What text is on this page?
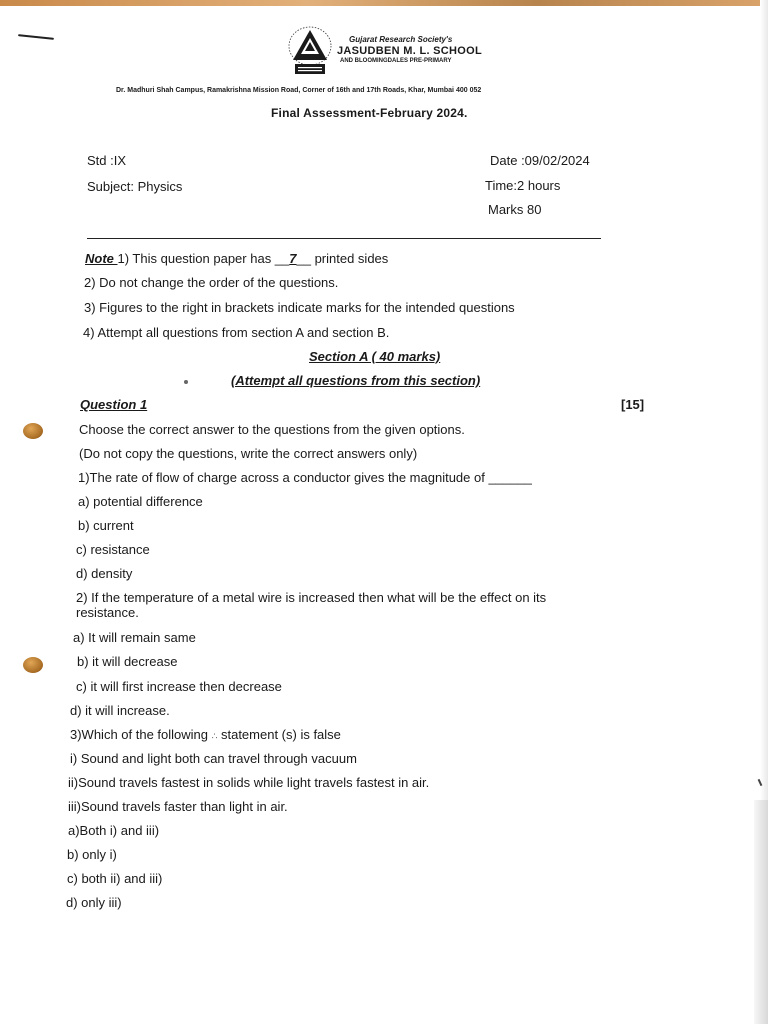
Gujarat Research Society's
JASUDBEN M. L. SCHOOL
AND BLOOMINGDALES PRE-PRIMARY
Dr. Madhuri Shah Campus, Ramakrishna Mission Road, Corner of 16th and 17th Roads, Khar, Mumbai 400 052
Final Assessment-February 2024.
Std :IX
Subject: Physics
Date :09/02/2024
Time:2 hours
Marks 80
Note 1) This question paper has __7__ printed sides
2) Do not change the order of the questions.
3) Figures to the right in brackets indicate marks for the intended questions
4) Attempt all questions from section A and section B.
Section A ( 40 marks)
(Attempt all questions from this section)
Question 1	[15]
Choose the correct answer to the questions from the given options.
(Do not copy the questions, write the correct answers only)
1)The rate of flow of charge across a conductor gives the magnitude of ______
a) potential difference
b) current
c) resistance
d) density
2) If the temperature of a metal wire is increased then what will be the effect on its
resistance.
a) It will remain same
b) it will decrease
c) it will first increase then decrease
d) it will increase.
3)Which of the following ∴ statement (s) is false
i) Sound and light both can travel through vacuum
ii)Sound travels fastest in solids while light travels fastest in air.
iii)Sound travels faster than light in air.
a)Both i) and iii)
b) only i)
c) both ii) and iii)
d) only iii)
